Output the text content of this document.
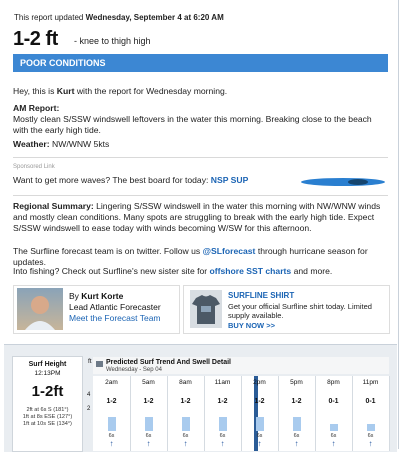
This report updated Wednesday, September 4 at 6:20 AM
1-2 ft - knee to thigh high
POOR CONDITIONS
Hey, this is Kurt with the report for Wednesday morning.
AM Report:
Mostly clean S/SSW windswell leftovers in the water this morning. Breaking close to the beach with the early high tide.
Weather: NW/WNW 5kts
Sponsored Link
Want to get more waves? The best board for today: NSP SUP
Regional Summary: Lingering S/SSW windswell in the water this morning with NW/WNW winds and mostly clean conditions. Many spots are struggling to break with the early high tide. Expect S/SSW windswell to ease today with winds becoming W/SW for this afternoon.
The Surfline forecast team is on twitter. Follow us @SLforecast through hurricane season for updates.
Into fishing? Check out Surfline's new sister site for offshore SST charts and more.
By Kurt Korte
Lead Atlantic Forecaster
Meet the Forecast Team
SURFLINE SHIRT
Get your official Surfline shirt today. Limited supply available.
BUY NOW >>
Surf Height
12:13PM
1-2ft
2ft at 6s S (181°)
1ft at 8s ESE (127°)
1ft at 10s SE (134°)
ft
4
2
Predicted Surf Trend And Swell Detail
Wednesday - Sep 04
2am
1-2
6s
↑
5am
1-2
6s
↑
8am
1-2
6s
↑
11am
1-2
6s
↑
2pm
1-2
6s
↑
5pm
1-2
6s
↑
8pm
0-1
6s
↑
11pm
0-1
6s
↑
